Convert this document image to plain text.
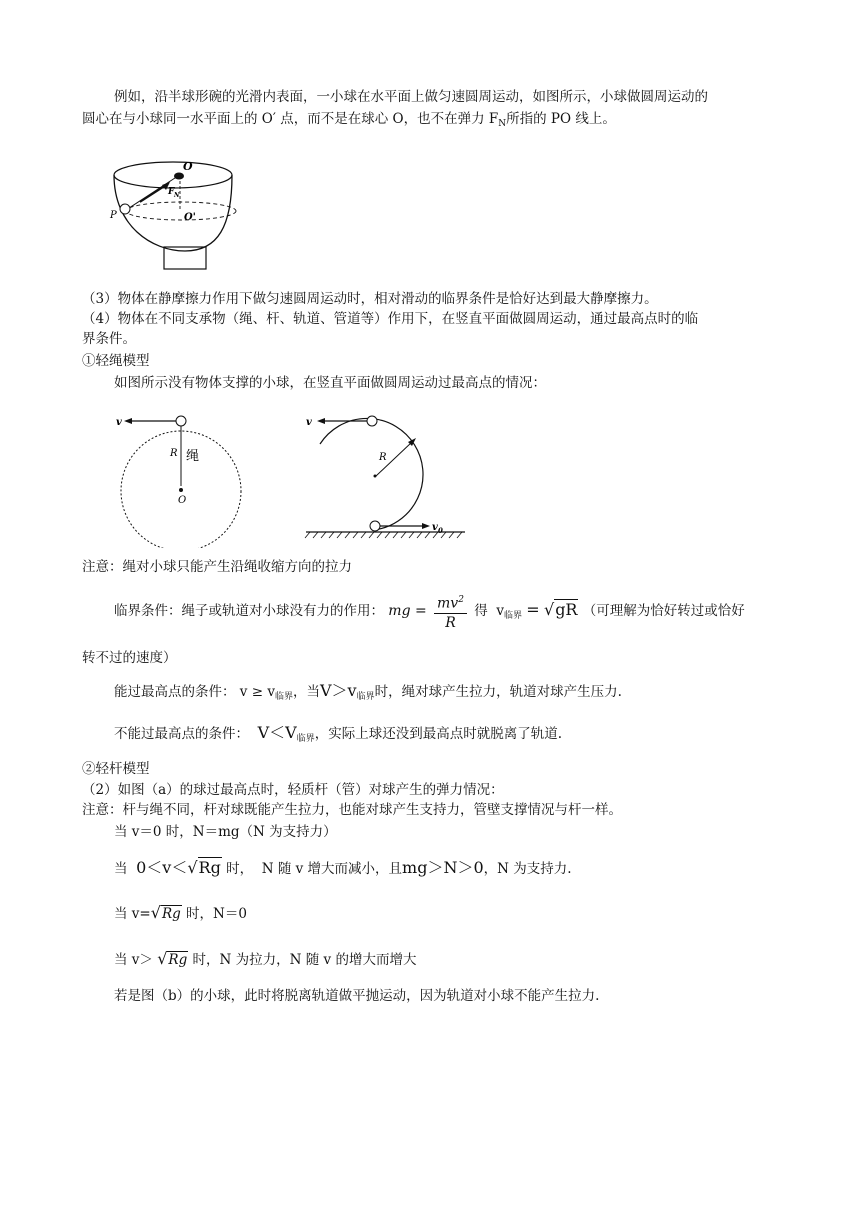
例如，沿半球形碗的光滑内表面，一小球在水平面上做匀速圆周运动，如图所示，小球做圆周运动的
圆心在与小球同一水平面上的 O′ 点，而不是在球心 O，也不在弹力 $F_N$所指的 PO 线上。
O
F N
O'
P
（3）物体在静摩擦力作用下做匀速圆周运动时，相对滑动的临界条件是恰好达到最大静摩擦力。
（4）物体在不同支承物（绳、杆、轨道、管道等）作用下，在竖直平面做圆周运动，通过最高点时的临
界条件。
①轻绳模型
如图所示没有物体支撑的小球，在竖直平面做圆周运动过最高点的情况：
v
R 绳
O
v
R
v 0
注意：绳对小球只能产生沿绳收缩方向的拉力
临界条件：绳子或轨道对小球没有力的作用： mg = $\frac{mv^2}{R}$ 得 $v_{临界} = √gR$ （可理解为恰好转过或恰好
转不过的速度）
能过最高点的条件： $v \ge v_{临界}$，当$V>v_{临界}$时，绳对球产生拉力，轨道对球产生压力.
不能过最高点的条件： $V<V_{临界}$，实际上球还没到最高点时就脱离了轨道.
②轻杆模型
（2）如图（a）的球过最高点时，轻质杆（管）对球产生的弹力情况：
注意：杆与绳不同，杆对球既能产生拉力，也能对球产生支持力，管壁支撑情况与杆一样。
当 v＝0 时，N＝mg（N 为支持力）
当 0＜v＜√Rg 时， N 随 v 增大而减小，且mg＞N＞0，N 为支持力.
当 v=√Rg 时，N＝0
当 v＞ √Rg 时，N 为拉力，N 随 v 的增大而增大
若是图（b）的小球，此时将脱离轨道做平抛运动，因为轨道对小球不能产生拉力.
